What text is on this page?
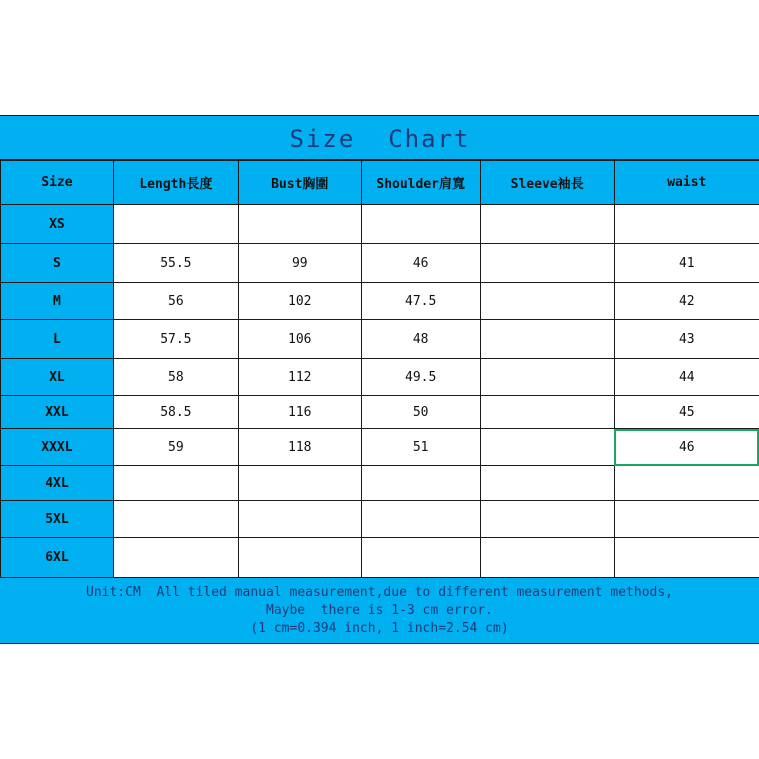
Size  Chart
Size	Length長度	Bust胸圍	Shoulder肩寬	Sleeve袖長	waist
XS					
S	55.5	99	46		41
M	56	102	47.5		42
L	57.5	106	48		43
XL	58	112	49.5		44
XXL	58.5	116	50		45
XXXL	59	118	51		46
4XL					
5XL					
6XL					
Unit:CM  All tiled manual measurement,due to different measurement methods,
Maybe  there is 1-3 cm error.
(1 cm=0.394 inch, 1 inch=2.54 cm)
